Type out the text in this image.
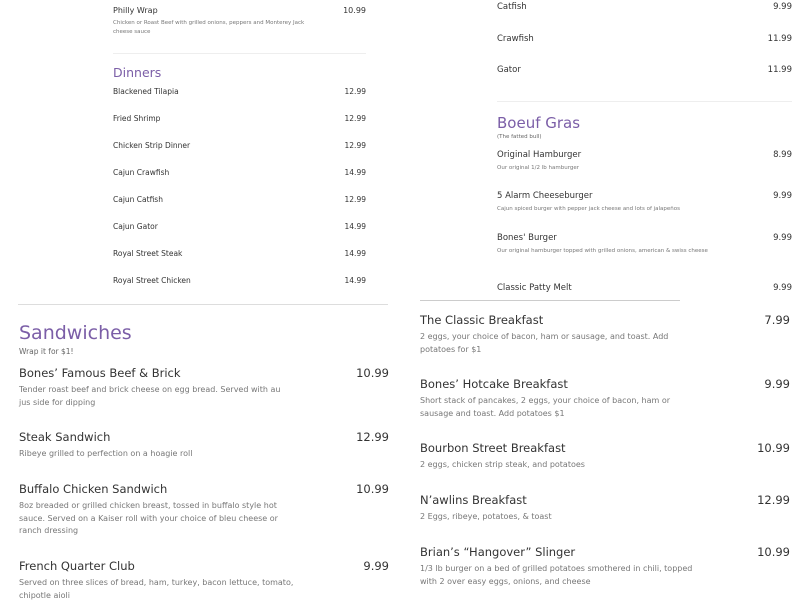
Philly Wrap	10.99
Chicken or Roast Beef with grilled onions, peppers and Monterey Jack cheese sauce
Dinners
Blackened Tilapia	12.99
Fried Shrimp	12.99
Chicken Strip Dinner	12.99
Cajun Crawfish	14.99
Cajun Catfish	12.99
Cajun Gator	14.99
Royal Street Steak	14.99
Royal Street Chicken	14.99
Catfish	9.99
Crawfish	11.99
Gator	11.99
Boeuf Gras
(The fatted bull)
Original Hamburger	8.99
Our original 1/2 lb hamburger
5 Alarm Cheeseburger	9.99
Cajun spiced burger with pepper jack cheese and lots of jalapeños
Bones' Burger	9.99
Our original hamburger topped with grilled onions, american & swiss cheese
Classic Patty Melt	9.99
Sandwiches
Wrap it for $1!
Bones’ Famous Beef & Brick	10.99
Tender roast beef and brick cheese on egg bread. Served with au jus side for dipping
Steak Sandwich	12.99
Ribeye grilled to perfection on a hoagie roll
Buffalo Chicken Sandwich	10.99
8oz breaded or grilled chicken breast, tossed in buffalo style hot sauce. Served on a Kaiser roll with your choice of bleu cheese or ranch dressing
French Quarter Club	9.99
Served on three slices of bread, ham, turkey, bacon lettuce, tomato, chipotle aioli
The Classic Breakfast	7.99
2 eggs, your choice of bacon, ham or sausage, and toast. Add potatoes for $1
Bones’ Hotcake Breakfast	9.99
Short stack of pancakes, 2 eggs, your choice of bacon, ham or sausage and toast. Add potatoes $1
Bourbon Street Breakfast	10.99
2 eggs, chicken strip steak, and potatoes
N’awlins Breakfast	12.99
2 Eggs, ribeye, potatoes, & toast
Brian’s “Hangover” Slinger	10.99
1/3 lb burger on a bed of grilled potatoes smothered in chili, topped with 2 over easy eggs, onions, and cheese
